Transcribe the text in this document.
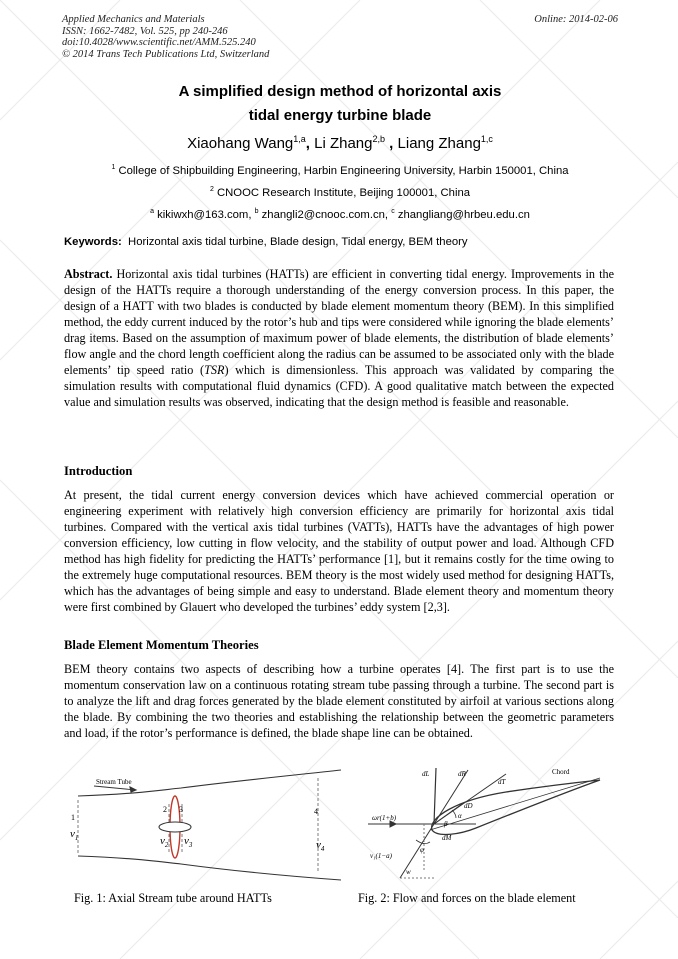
Applied Mechanics and Materials
ISSN: 1662-7482, Vol. 525, pp 240-246
doi:10.4028/www.scientific.net/AMM.525.240
© 2014 Trans Tech Publications Ltd, Switzerland
Online: 2014-02-06
A simplified design method of horizontal axis
tidal energy turbine blade
Xiaohang Wang$^{1,a}$, Li Zhang$^{2,b}$ , Liang Zhang$^{1,c}$
$^1$ College of Shipbuilding Engineering, Harbin Engineering University, Harbin 150001, China
$^2$ CNOOC Research Institute, Beijing 100001, China
$^a$ kikiwxh@163.com, $^b$ zhangli2@cnooc.com.cn, $^c$ zhangliang@hrbeu.edu.cn
Keywords: Horizontal axis tidal turbine, Blade design, Tidal energy, BEM theory
Abstract. Horizontal axis tidal turbines (HATTs) are efficient in converting tidal energy. Improvements in the design of the HATTs require a thorough understanding of the energy conversion process. In this paper, the design of a HATT with two blades is conducted by blade element momentum theory (BEM). In this simplified method, the eddy current induced by the rotor’s hub and tips were considered while ignoring the blade elements’ drag items. Based on the assumption of maximum power of blade elements, the distribution of blade elements’ flow angle and the chord length coefficient along the radius can be assumed to be associated only with the blade elements’ tip speed ratio (TSR) which is dimensionless. This approach was validated by comparing the simulation results with computational fluid dynamics (CFD). A good qualitative match between the expected value and simulation results was observed, indicating that the design method is feasible and reasonable.
Introduction
At present, the tidal current energy conversion devices which have achieved commercial operation or engineering experiment with relatively high conversion efficiency are primarily for horizontal axis tidal turbines. Compared with the vertical axis tidal turbines (VATTs), HATTs have the advantages of high power conversion efficiency, low cutting in flow velocity, and the stability of output power and load. Although CFD method has high fidelity for predicting the HATTs’ performance [1], but it remains costly for the time owing to the extremely huge computational resources. BEM theory is the most widely used method for designing HATTs, which has the advantages of being simple and easy to understand. Blade element theory and momentum theory were first combined by Glauert who developed the turbines’ eddy system [2,3].
Blade Element Momentum Theories
BEM theory contains two aspects of describing how a turbine operates [4]. The first part is to use the momentum conservation law on a continuous rotating stream tube passing through a turbine. The second part is to analyze the lift and drag forces generated by the blade element constituted by airfoil at various sections along the blade. By combining the two theories and establishing the relationship between the geometric parameters and load, if the rotor’s performance is defined, the blade shape line can be obtained.
Stream Tube
1
2 3	4
$v_1$	$v_2$ $v_3$	$v_4$
Chord
dL	dR
dT
dD
ωr(1+b)
v₁(1−a)
w
dM
φ
α
β
Fig. 1: Axial Stream tube around HATTs	Fig. 2: Flow and forces on the blade element
